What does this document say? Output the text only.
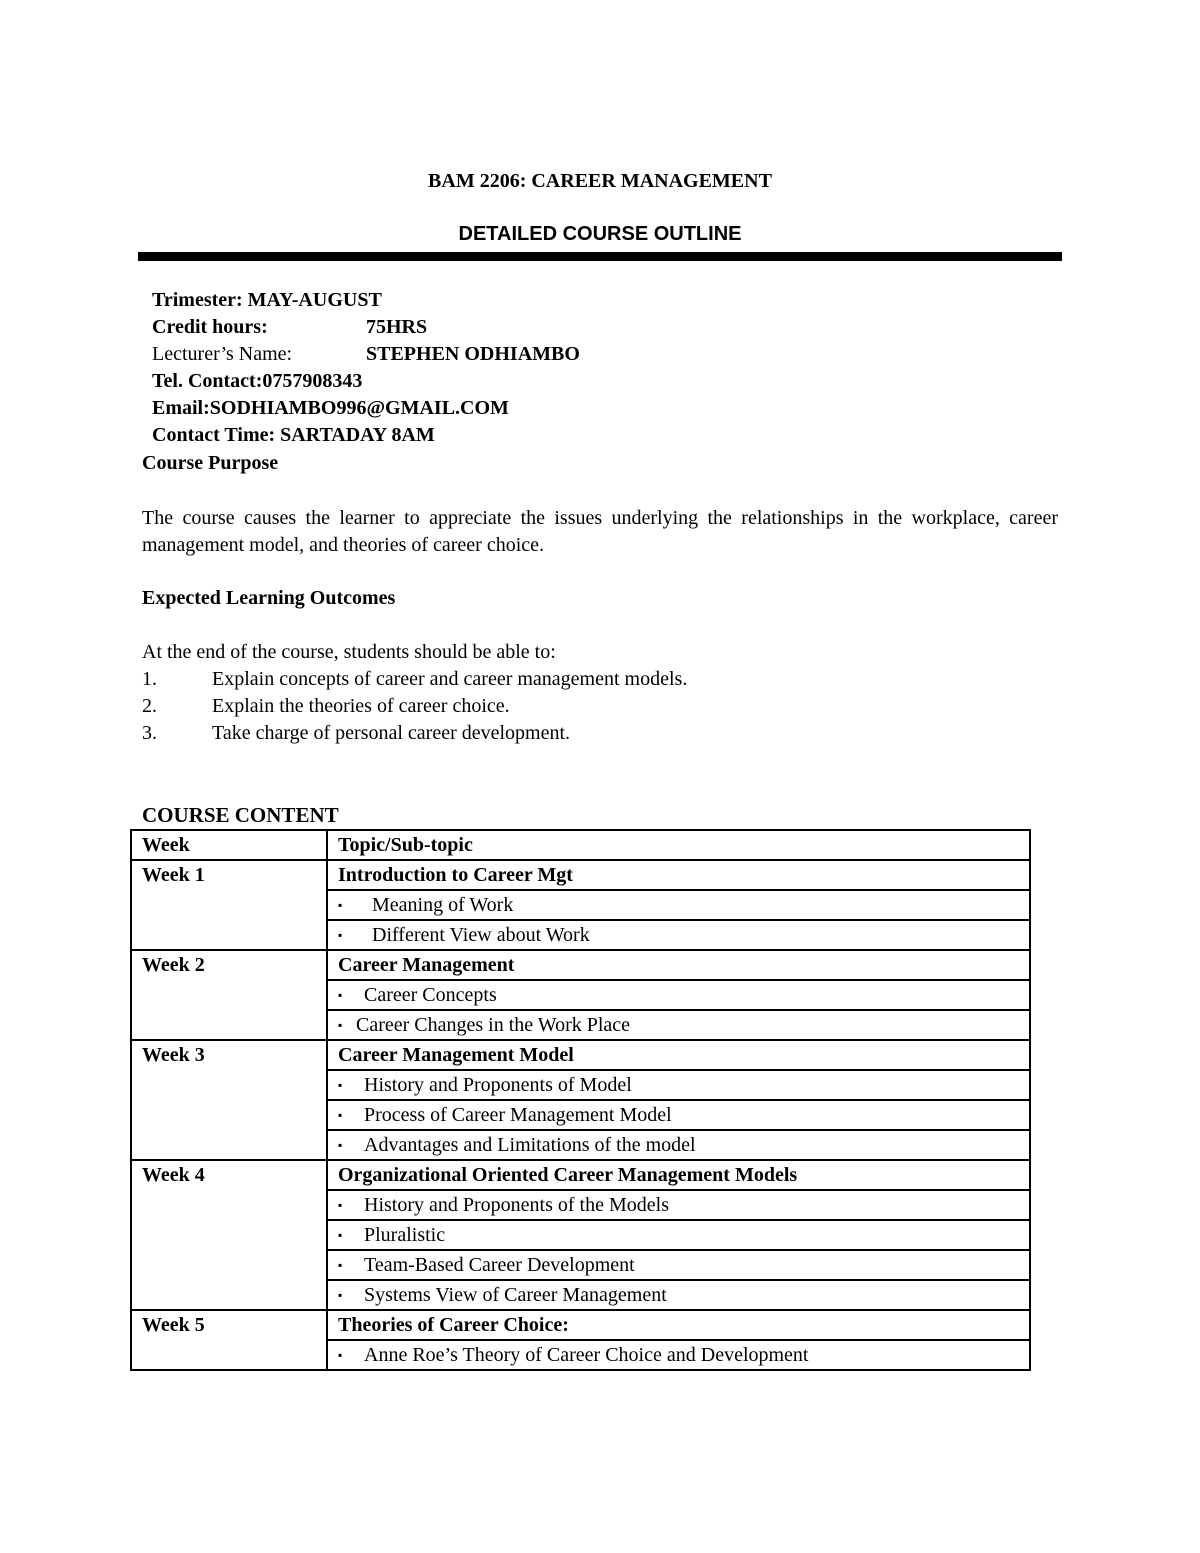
BAM 2206: CAREER MANAGEMENT
DETAILED COURSE OUTLINE
Trimester: MAY-AUGUST
Credit hours:	75HRS
Lecturer’s Name:	STEPHEN ODHIAMBO
Tel. Contact:0757908343
Email:SODHIAMBO996@GMAIL.COM
Contact Time: SARTADAY 8AM
Course Purpose
The course causes the learner to appreciate the issues underlying the relationships in the workplace, career management model, and theories of career choice.
Expected Learning Outcomes
At the end of the course, students should be able to:
1.	Explain concepts of career and career management models.
2.	Explain the theories of career choice.
3.	Take charge of personal career development.
COURSE CONTENT
Week	Topic/Sub-topic
Week 1	Introduction to Career Mgt
	▪ Meaning of Work
	▪ Different View about Work
Week 2	Career Management
	▪ Career Concepts
	▪ Career Changes in the Work Place
Week 3	Career Management Model
	▪ History and Proponents of Model
	▪ Process of Career Management Model
	▪ Advantages and Limitations of the model
Week 4	Organizational Oriented Career Management Models
	▪ History and Proponents of the Models
	▪ Pluralistic
	▪ Team-Based Career Development
	▪ Systems View of Career Management
Week 5	Theories of Career Choice:
	▪ Anne Roe’s Theory of Career Choice and Development
